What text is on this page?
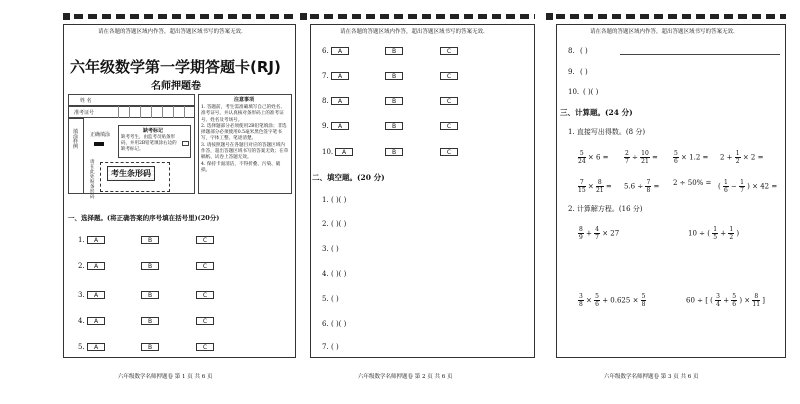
请在各题的答题区域内作答，超出答题区域书写的答案无效.
六年级数学第一学期答题卡(RJ)
名师押题卷
姓 名
准考证号
填涂样例
正确填涂
缺考标记
缺考考生，由监考员贴条形码，并用2B铅笔填涂右边的缺考标记。
考生条形码
请在此处贴条形码
注意事项
1. 答题前，考生需准确填写自己的姓名、准考证号，并认真核对条形码上的准考证号、姓名及考场号。
2. 选择题部分必须使用2B铅笔填涂；非选择题部分必须使用0.5毫米黑色签字笔书写，字体工整、笔迹清楚。
3. 请按照题号在各题目对应的答题区域内作答，超出答题区域书写的答案无效；在草稿纸、试卷上答题无效。
4. 保持卡面清洁，不得折叠、污染、破损。
一、选择题。(将正确答案的序号填在括号里)(20分)
1.	A	B	C
2.	A	B	C
3.	A	B	C
4.	A	B	C
5.	A	B	C
六年级数学名师押题卷 第 1 页 共 6 页
请在各题的答题区域内作答，超出答题区域书写的答案无效.
6.	A	B	C
7.	A	B	C
8.	A	B	C
9.	A	B	C
10.	A	B	C
二、填空题。(20 分)
1. ( )( )
2. ( )( )
3. ( )
4. ( )( )
5. ( )
6. ( )( )
7. ( )
六年级数学名师押题卷 第 2 页 共 6 页
请在各题的答题区域内作答，超出答题区域书写的答案无效.
8. ( )
9. ( )
10. ( )( )
三、计算题。(24 分)
1. 直接写出得数。(8 分)
$\frac{5}{24} \times 6$ =	$\frac{2}{7} \div \frac{10}{21}$ =	$\frac{5}{6} \times 1.2 = 2 + \frac{1}{2} \times 2$ =
$\frac{7}{15} \times \frac{8}{21} = 5.6 \div \frac{7}{8} = 2 \div 50\%$ = ( $\frac{1}{6} - \frac{1}{7}$ ) × 42 =
2. 计算解方程。(16 分)
$\frac{8}{9} + \frac{4}{7} \times 27$	10 ÷ ( $\frac{1}{5} + \frac{1}{2}$ )
$\frac{3}{8} \times \frac{5}{6} + 0.625 \times \frac{5}{8}$	60 ÷ [ ( $\frac{3}{4} + \frac{5}{6}$ ) × $\frac{8}{11}$ ]
六年级数学名师押题卷 第 3 页 共 6 页
